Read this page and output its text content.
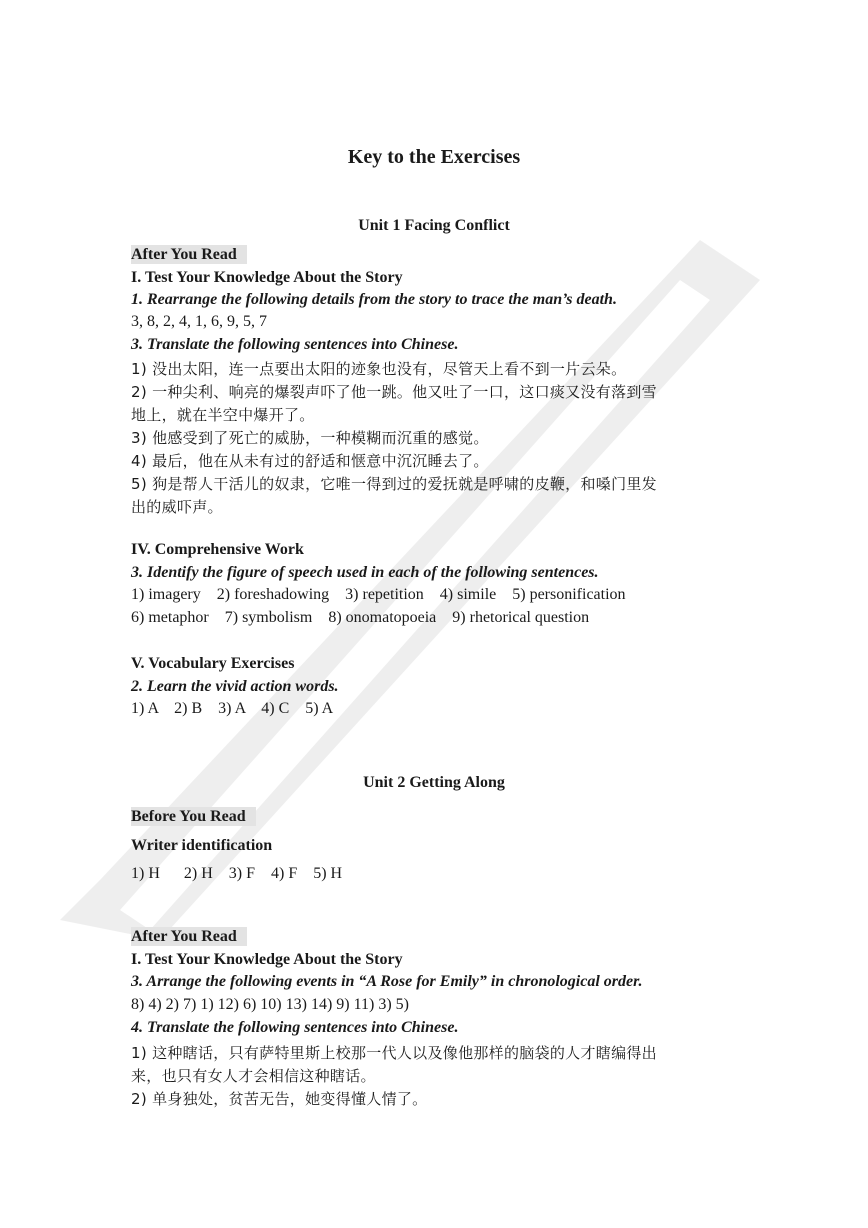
Key to the Exercises
Unit 1 Facing Conflict
After You Read
I. Test Your Knowledge About the Story
1. Rearrange the following details from the story to trace the man’s death.
3, 8, 2, 4, 1, 6, 9, 5, 7
3. Translate the following sentences into Chinese.
1) 没出太阳，连一点要出太阳的迹象也没有，尽管天上看不到一片云朵。
2) 一种尖利、响亮的爆裂声吓了他一跳。他又吐了一口，这口痰又没有落到雪
地上，就在半空中爆开了。
3) 他感受到了死亡的威胁，一种模糊而沉重的感觉。
4) 最后，他在从未有过的舒适和惬意中沉沉睡去了。
5) 狗是帮人干活儿的奴隶，它唯一得到过的爱抚就是呼啸的皮鞭，和嗓门里发
出的威吓声。
IV. Comprehensive Work
3. Identify the figure of speech used in each of the following sentences.
1) imagery    2) foreshadowing    3) repetition    4) simile    5) personification
6) metaphor    7) symbolism    8) onomatopoeia    9) rhetorical question
V. Vocabulary Exercises
2. Learn the vivid action words.
1) A    2) B    3) A    4) C    5) A
Unit 2 Getting Along
Before You Read
Writer identification
1) H      2) H    3) F    4) F    5) H
After You Read
I. Test Your Knowledge About the Story
3. Arrange the following events in “A Rose for Emily” in chronological order.
8) 4) 2) 7) 1) 12) 6) 10) 13) 14) 9) 11) 3) 5)
4. Translate the following sentences into Chinese.
1) 这种瞎话，只有萨特里斯上校那一代人以及像他那样的脑袋的人才瞎编得出
来，也只有女人才会相信这种瞎话。
2) 单身独处，贫苦无告，她变得懂人情了。
